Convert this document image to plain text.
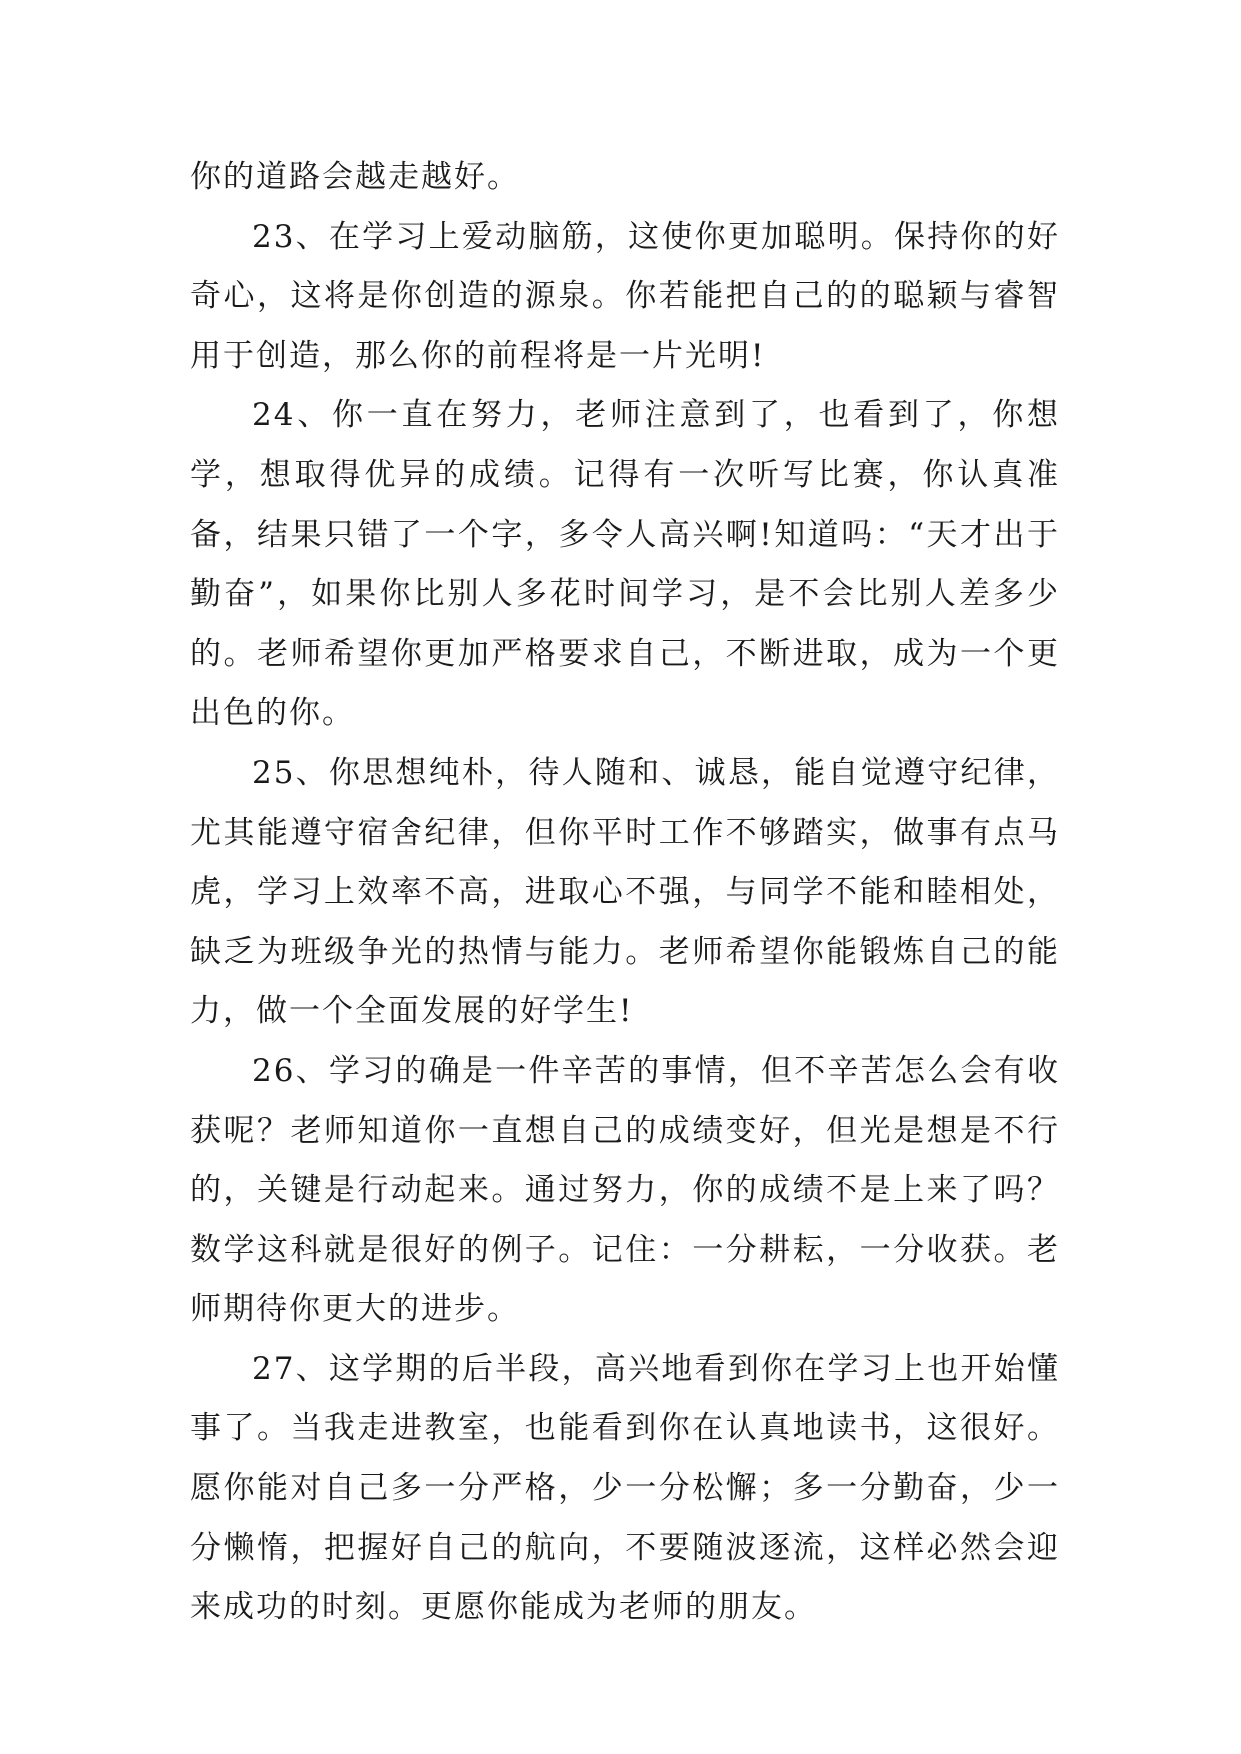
你的道路会越走越好。

23、在学习上爱动脑筋，这使你更加聪明。保持你的好奇心，这将是你创造的源泉。你若能把自己的的聪颖与睿智用于创造，那么你的前程将是一片光明!

24、你一直在努力，老师注意到了，也看到了，你想学，想取得优异的成绩。记得有一次听写比赛，你认真准备，结果只错了一个字，多令人高兴啊!知道吗：“天才出于勤奋”，如果你比别人多花时间学习，是不会比别人差多少的。老师希望你更加严格要求自己，不断进取，成为一个更出色的你。

25、你思想纯朴，待人随和、诚恳，能自觉遵守纪律，尤其能遵守宿舍纪律，但你平时工作不够踏实，做事有点马虎，学习上效率不高，进取心不强，与同学不能和睦相处，缺乏为班级争光的热情与能力。老师希望你能锻炼自己的能力，做一个全面发展的好学生!

26、学习的确是一件辛苦的事情，但不辛苦怎么会有收获呢？老师知道你一直想自己的成绩变好，但光是想是不行的，关键是行动起来。通过努力，你的成绩不是上来了吗？数学这科就是很好的例子。记住：一分耕耘，一分收获。老师期待你更大的进步。

27、这学期的后半段，高兴地看到你在学习上也开始懂事了。当我走进教室，也能看到你在认真地读书，这很好。愿你能对自己多一分严格，少一分松懈；多一分勤奋，少一分懒惰，把握好自己的航向，不要随波逐流，这样必然会迎来成功的时刻。更愿你能成为老师的朋友。
